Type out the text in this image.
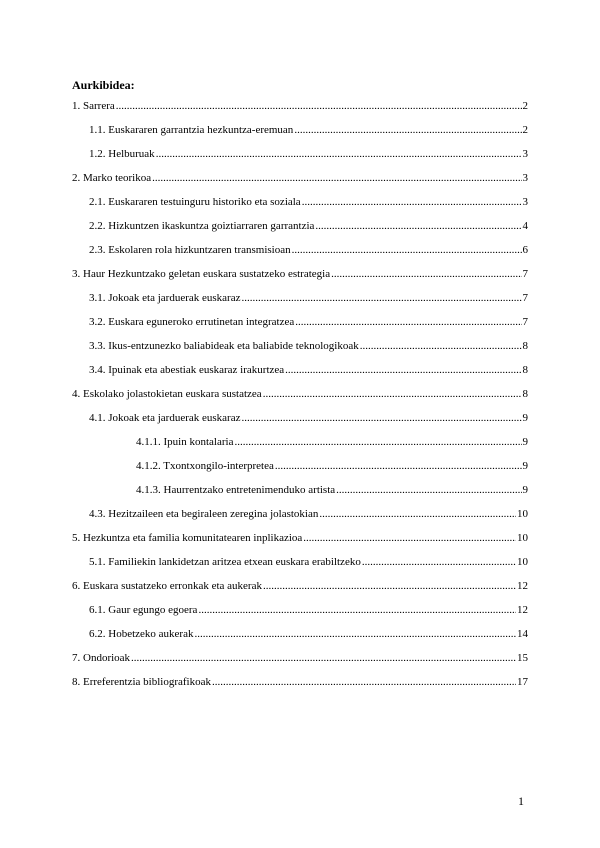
Aurkibidea:
1. Sarrera .....	2
1.1. Euskararen garrantzia hezkuntza-eremuan .....	2
1.2. Helburuak .....	3
2. Marko teorikoa .....	3
2.1. Euskararen testuinguru historiko eta soziala .....	3
2.2. Hizkuntzen ikaskuntza goiztiarraren garrantzia .....	4
2.3. Eskolaren rola hizkuntzaren transmisioan .....	6
3. Haur Hezkuntzako geletan euskara sustatzeko estrategia .....	7
3.1. Jokoak eta jarduerak euskaraz .....	7
3.2. Euskara eguneroko errutinetan integratzea .....	7
3.3. Ikus-entzunezko baliabideak eta baliabide teknologikoak .....	8
3.4. Ipuinak eta abestiak euskaraz irakurtzea .....	8
4. Eskolako jolastokietan euskara sustatzea .....	8
4.1. Jokoak eta jarduerak euskaraz .....	9
4.1.1. Ipuin kontalaria .....	9
4.1.2. Txontxongilo-interpretea .....	9
4.1.3. Haurrentzako entretenimenduko artista .....	9
4.3. Hezitzaileen eta begiraleen zeregina jolastokian .....	10
5. Hezkuntza eta familia komunitatearen inplikazioa .....	10
5.1. Familiekin lankidetzan aritzea etxean euskara erabiltzeko .....	10
6. Euskara sustatzeko erronkak eta aukerak .....	12
6.1. Gaur egungo egoera .....	12
6.2. Hobetzeko aukerak .....	14
7. Ondorioak .....	15
8. Erreferentzia bibliografikoak .....	17
1
